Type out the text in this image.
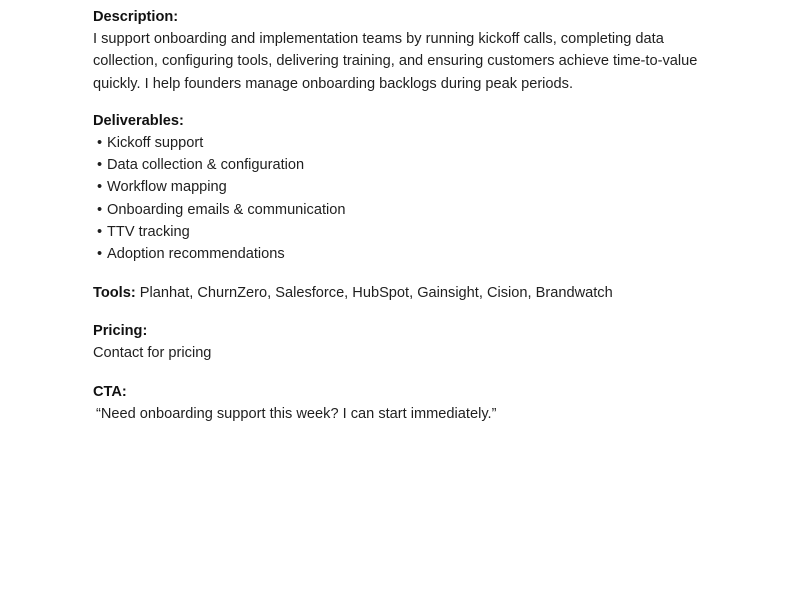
Description:
I support onboarding and implementation teams by running kickoff calls, completing data collection, configuring tools, delivering training, and ensuring customers achieve time-to-value quickly. I help founders manage onboarding backlogs during peak periods.
Deliverables:
• Kickoff support
• Data collection & configuration
• Workflow mapping
• Onboarding emails & communication
• TTV tracking
• Adoption recommendations
Tools: Planhat, ChurnZero, Salesforce, HubSpot, Gainsight, Cision, Brandwatch
Pricing:
Contact for pricing
CTA:
“Need onboarding support this week? I can start immediately.”
